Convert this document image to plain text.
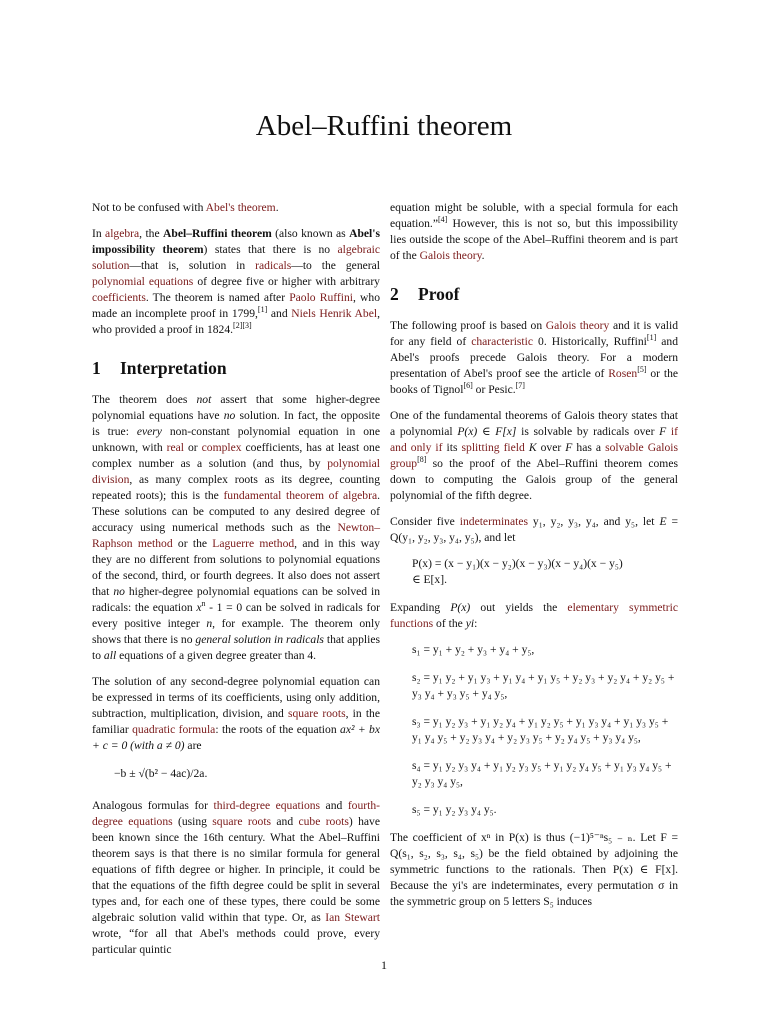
Abel–Ruffini theorem

Not to be confused with Abel's theorem.

In algebra, the Abel–Ruffini theorem (also known as Abel's impossibility theorem) states that there is no algebraic solution—that is, solution in radicals—to the general polynomial equations of degree five or higher with arbitrary coefficients. The theorem is named after Paolo Ruffini, who made an incomplete proof in 1799,[1] and Niels Henrik Abel, who provided a proof in 1824.[2][3]

1 Interpretation

The theorem does not assert that some higher-degree polynomial equations have no solution. In fact, the opposite is true: every non-constant polynomial equation in one unknown, with real or complex coefficients, has at least one complex number as a solution (and thus, by polynomial division, as many complex roots as its degree, counting repeated roots); this is the fundamental theorem of algebra. These solutions can be computed to any desired degree of accuracy using numerical methods such as the Newton–Raphson method or the Laguerre method, and in this way they are no different from solutions to polynomial equations of the second, third, or fourth degrees. It also does not assert that no higher-degree polynomial equations can be solved in radicals: the equation $x^n - 1 = 0$ can be solved in radicals for every positive integer n, for example. The theorem only shows that there is no general solution in radicals that applies to all equations of a given degree greater than 4.

The solution of any second-degree polynomial equation can be expressed in terms of its coefficients, using only addition, subtraction, multiplication, division, and square roots, in the familiar quadratic formula: the roots of the equation ax² + bx + c = 0 (with a ≠ 0) are

−b ± √(b² − 4ac)/2a.

Analogous formulas for third-degree equations and fourth-degree equations (using square roots and cube roots) have been known since the 16th century. What the Abel–Ruffini theorem says is that there is no similar formula for general equations of fifth degree or higher. In principle, it could be that the equations of the fifth degree could be split in several types and, for each one of these types, there could be some algebraic solution valid within that type. Or, as Ian Stewart wrote, “for all that Abel's methods could prove, every particular quintic

equation might be soluble, with a special formula for each equation.”[4] However, this is not so, but this impossibility lies outside the scope of the Abel–Ruffini theorem and is part of the Galois theory.

2 Proof

The following proof is based on Galois theory and it is valid for any field of characteristic 0. Historically, Ruffini[1] and Abel's proofs precede Galois theory. For a modern presentation of Abel's proof see the article of Rosen[5] or the books of Tignol[6] or Pesic.[7]

One of the fundamental theorems of Galois theory states that a polynomial P(x) ∈ F[x] is solvable by radicals over F if and only if its splitting field K over F has a solvable Galois group[8] so the proof of the Abel–Ruffini theorem comes down to computing the Galois group of the general polynomial of the fifth degree.

Consider five indeterminates y₁, y₂, y₃, y₄, and y₅, let E = Q(y₁, y₂, y₃, y₄, y₅), and let

P(x) = (x − y₁)(x − y₂)(x − y₃)(x − y₄)(x − y₅)
∈ E[x].

Expanding P(x) out yields the elementary symmetric functions of the yi:

s₁ = y₁ + y₂ + y₃ + y₄ + y₅,
s₂ = y₁ y₂ + y₁ y₃ + y₁ y₄ + y₁ y₅ + y₂ y₃ + y₂ y₄ + y₂ y₅ + y₃ y₄ + y₃ y₅ + y₄ y₅,
s₃ = y₁ y₂ y₃ + y₁ y₂ y₄ + y₁ y₂ y₅ + y₁ y₃ y₄ + y₁ y₃ y₅ + y₁ y₄ y₅ + y₂ y₃ y₄ + y₂ y₃ y₅ + y₂ y₄ y₅ + y₃ y₄ y₅,
s₄ = y₁ y₂ y₃ y₄ + y₁ y₂ y₃ y₅ + y₁ y₂ y₄ y₅ + y₁ y₃ y₄ y₅ + y₂ y₃ y₄ y₅,
s₅ = y₁ y₂ y₃ y₄ y₅.

The coefficient of xⁿ in P(x) is thus (−1)⁵⁻ⁿs₅ ₋ ₙ. Let F = Q(s₁, s₂, s₃, s₄, s₅) be the field obtained by adjoining the symmetric functions to the rationals. Then P(x) ∈ F[x]. Because the yi's are indeterminates, every permutation σ in the symmetric group on 5 letters S₅ induces

1
